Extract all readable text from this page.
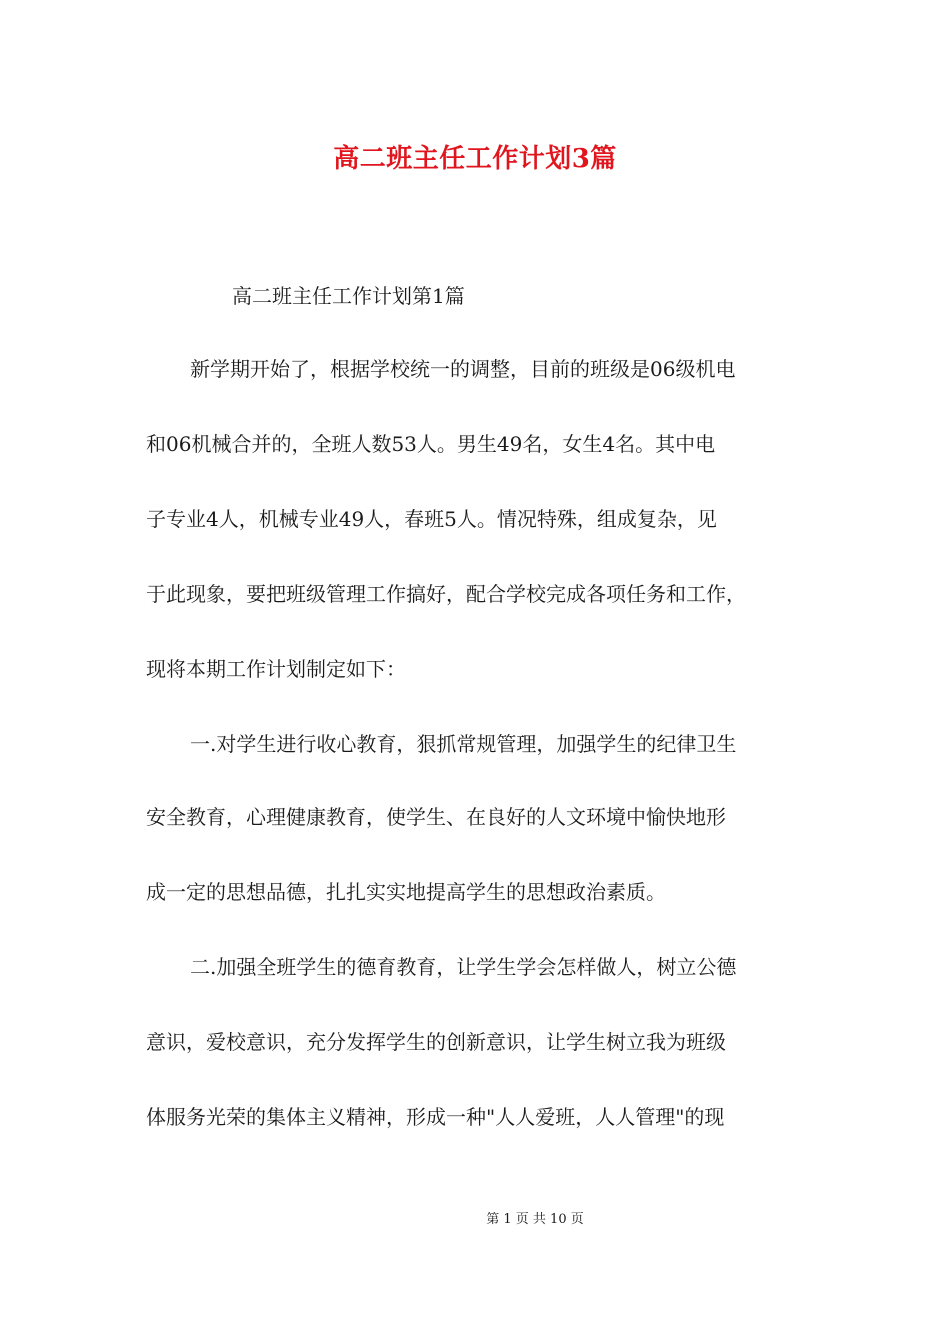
高二班主任工作计划3篇
高二班主任工作计划第1篇
新学期开始了，根据学校统一的调整，目前的班级是06级机电
和06机械合并的，全班人数53人。男生49名，女生4名。其中电
子专业4人，机械专业49人，春班5人。情况特殊，组成复杂，见
于此现象，要把班级管理工作搞好，配合学校完成各项任务和工作，
现将本期工作计划制定如下：
一.对学生进行收心教育，狠抓常规管理，加强学生的纪律卫生
安全教育，心理健康教育，使学生、在良好的人文环境中愉快地形
成一定的思想品德，扎扎实实地提高学生的思想政治素质。
二.加强全班学生的德育教育，让学生学会怎样做人，树立公德
意识，爱校意识，充分发挥学生的创新意识，让学生树立我为班级
体服务光荣的集体主义精神，形成一种"人人爱班，人人管理"的现
第 1 页 共 10 页
